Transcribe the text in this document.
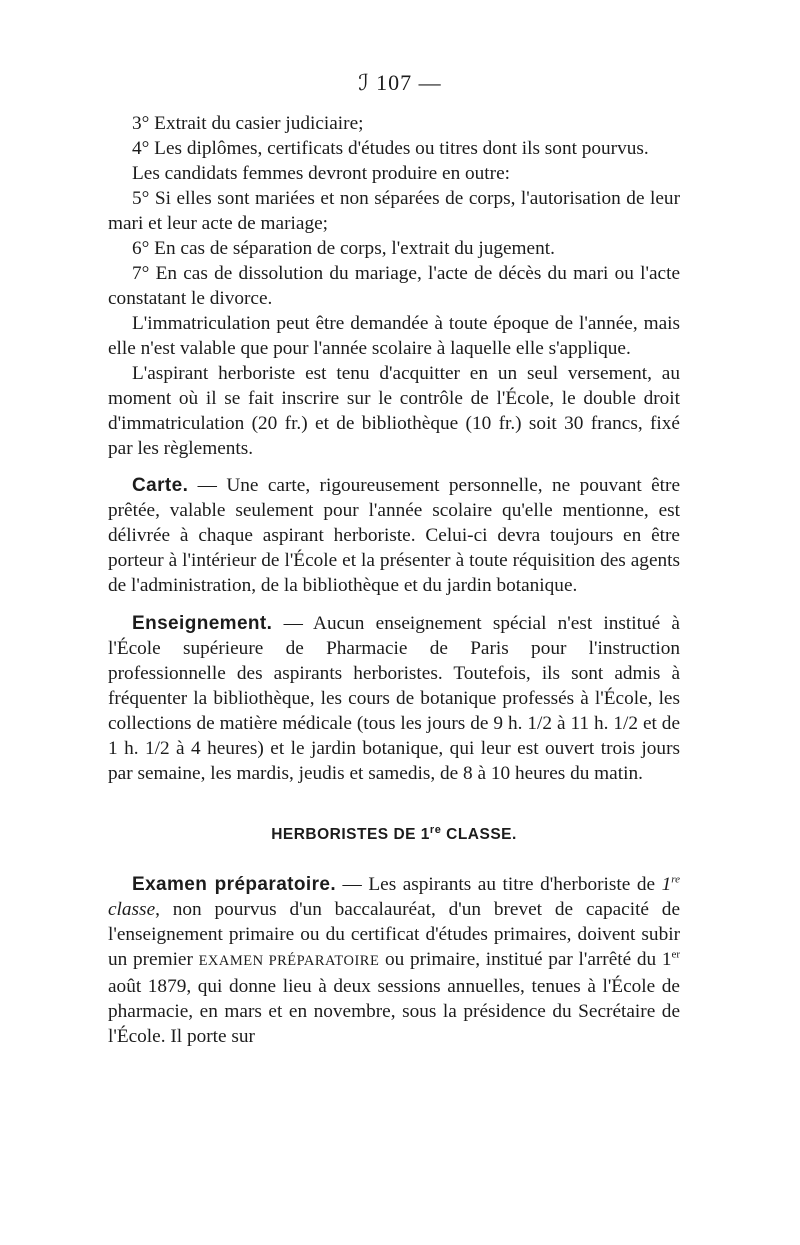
ℐ 107 —

3° Extrait du casier judiciaire;

4° Les diplômes, certificats d'études ou titres dont ils sont pourvus.

Les candidats femmes devront produire en outre:

5° Si elles sont mariées et non séparées de corps, l'autorisation de leur mari et leur acte de mariage;

6° En cas de séparation de corps, l'extrait du jugement.

7° En cas de dissolution du mariage, l'acte de décès du mari ou l'acte constatant le divorce.

L'immatriculation peut être demandée à toute époque de l'année, mais elle n'est valable que pour l'année scolaire à laquelle elle s'applique.

L'aspirant herboriste est tenu d'acquitter en un seul versement, au moment où il se fait inscrire sur le contrôle de l'École, le double droit d'immatriculation (20 fr.) et de bibliothèque (10 fr.) soit 30 francs, fixé par les règlements.

Carte. — Une carte, rigoureusement personnelle, ne pouvant être prêtée, valable seulement pour l'année scolaire qu'elle mentionne, est délivrée à chaque aspirant herboriste. Celui-ci devra toujours en être porteur à l'intérieur de l'École et la présenter à toute réquisition des agents de l'administration, de la bibliothèque et du jardin botanique.

Enseignement. — Aucun enseignement spécial n'est institué à l'École supérieure de Pharmacie de Paris pour l'instruction professionnelle des aspirants herboristes. Toutefois, ils sont admis à fréquenter la bibliothèque, les cours de botanique professés à l'École, les collections de matière médicale (tous les jours de 9 h. 1/2 à 11 h. 1/2 et de 1 h. 1/2 à 4 heures) et le jardin botanique, qui leur est ouvert trois jours par semaine, les mardis, jeudis et samedis, de 8 à 10 heures du matin.

HERBORISTES DE 1re CLASSE.

Examen préparatoire. — Les aspirants au titre d'herboriste de 1re classe, non pourvus d'un baccalauréat, d'un brevet de capacité de l'enseignement primaire ou du certificat d'études primaires, doivent subir un premier EXAMEN PRÉPARATOIRE ou primaire, institué par l'arrêté du 1er août 1879, qui donne lieu à deux sessions annuelles, tenues à l'École de pharmacie, en mars et en novembre, sous la présidence du Secrétaire de l'École. Il porte sur
